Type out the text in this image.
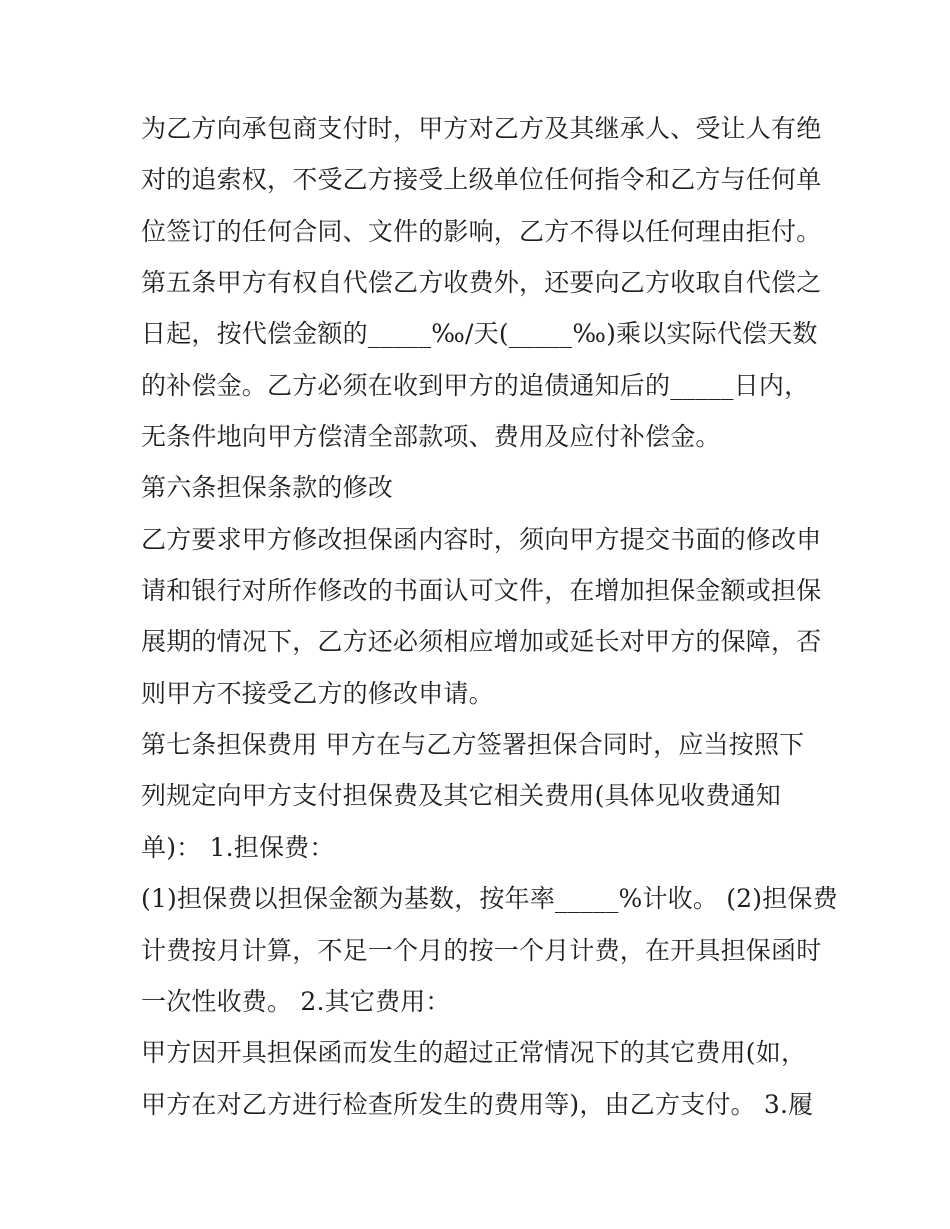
为乙方向承包商支付时，甲方对乙方及其继承人、受让人有绝
对的追索权，不受乙方接受上级单位任何指令和乙方与任何单
位签订的任何合同、文件的影响，乙方不得以任何理由拒付。
第五条甲方有权自代偿乙方收费外，还要向乙方收取自代偿之
日起，按代偿金额的_____‰/天(_____‰)乘以实际代偿天数
的补偿金。乙方必须在收到甲方的追债通知后的_____日内，
无条件地向甲方偿清全部款项、费用及应付补偿金。
第六条担保条款的修改
乙方要求甲方修改担保函内容时，须向甲方提交书面的修改申
请和银行对所作修改的书面认可文件，在增加担保金额或担保
展期的情况下，乙方还必须相应增加或延长对甲方的保障，否
则甲方不接受乙方的修改申请。
第七条担保费用 甲方在与乙方签署担保合同时，应当按照下
列规定向甲方支付担保费及其它相关费用(具体见收费通知
单)： 1.担保费：
(1)担保费以担保金额为基数，按年率_____%计收。 (2)担保费
计费按月计算，不足一个月的按一个月计费，在开具担保函时
一次性收费。 2.其它费用：
甲方因开具担保函而发生的超过正常情况下的其它费用(如，
甲方在对乙方进行检查所发生的费用等)，由乙方支付。 3.履
